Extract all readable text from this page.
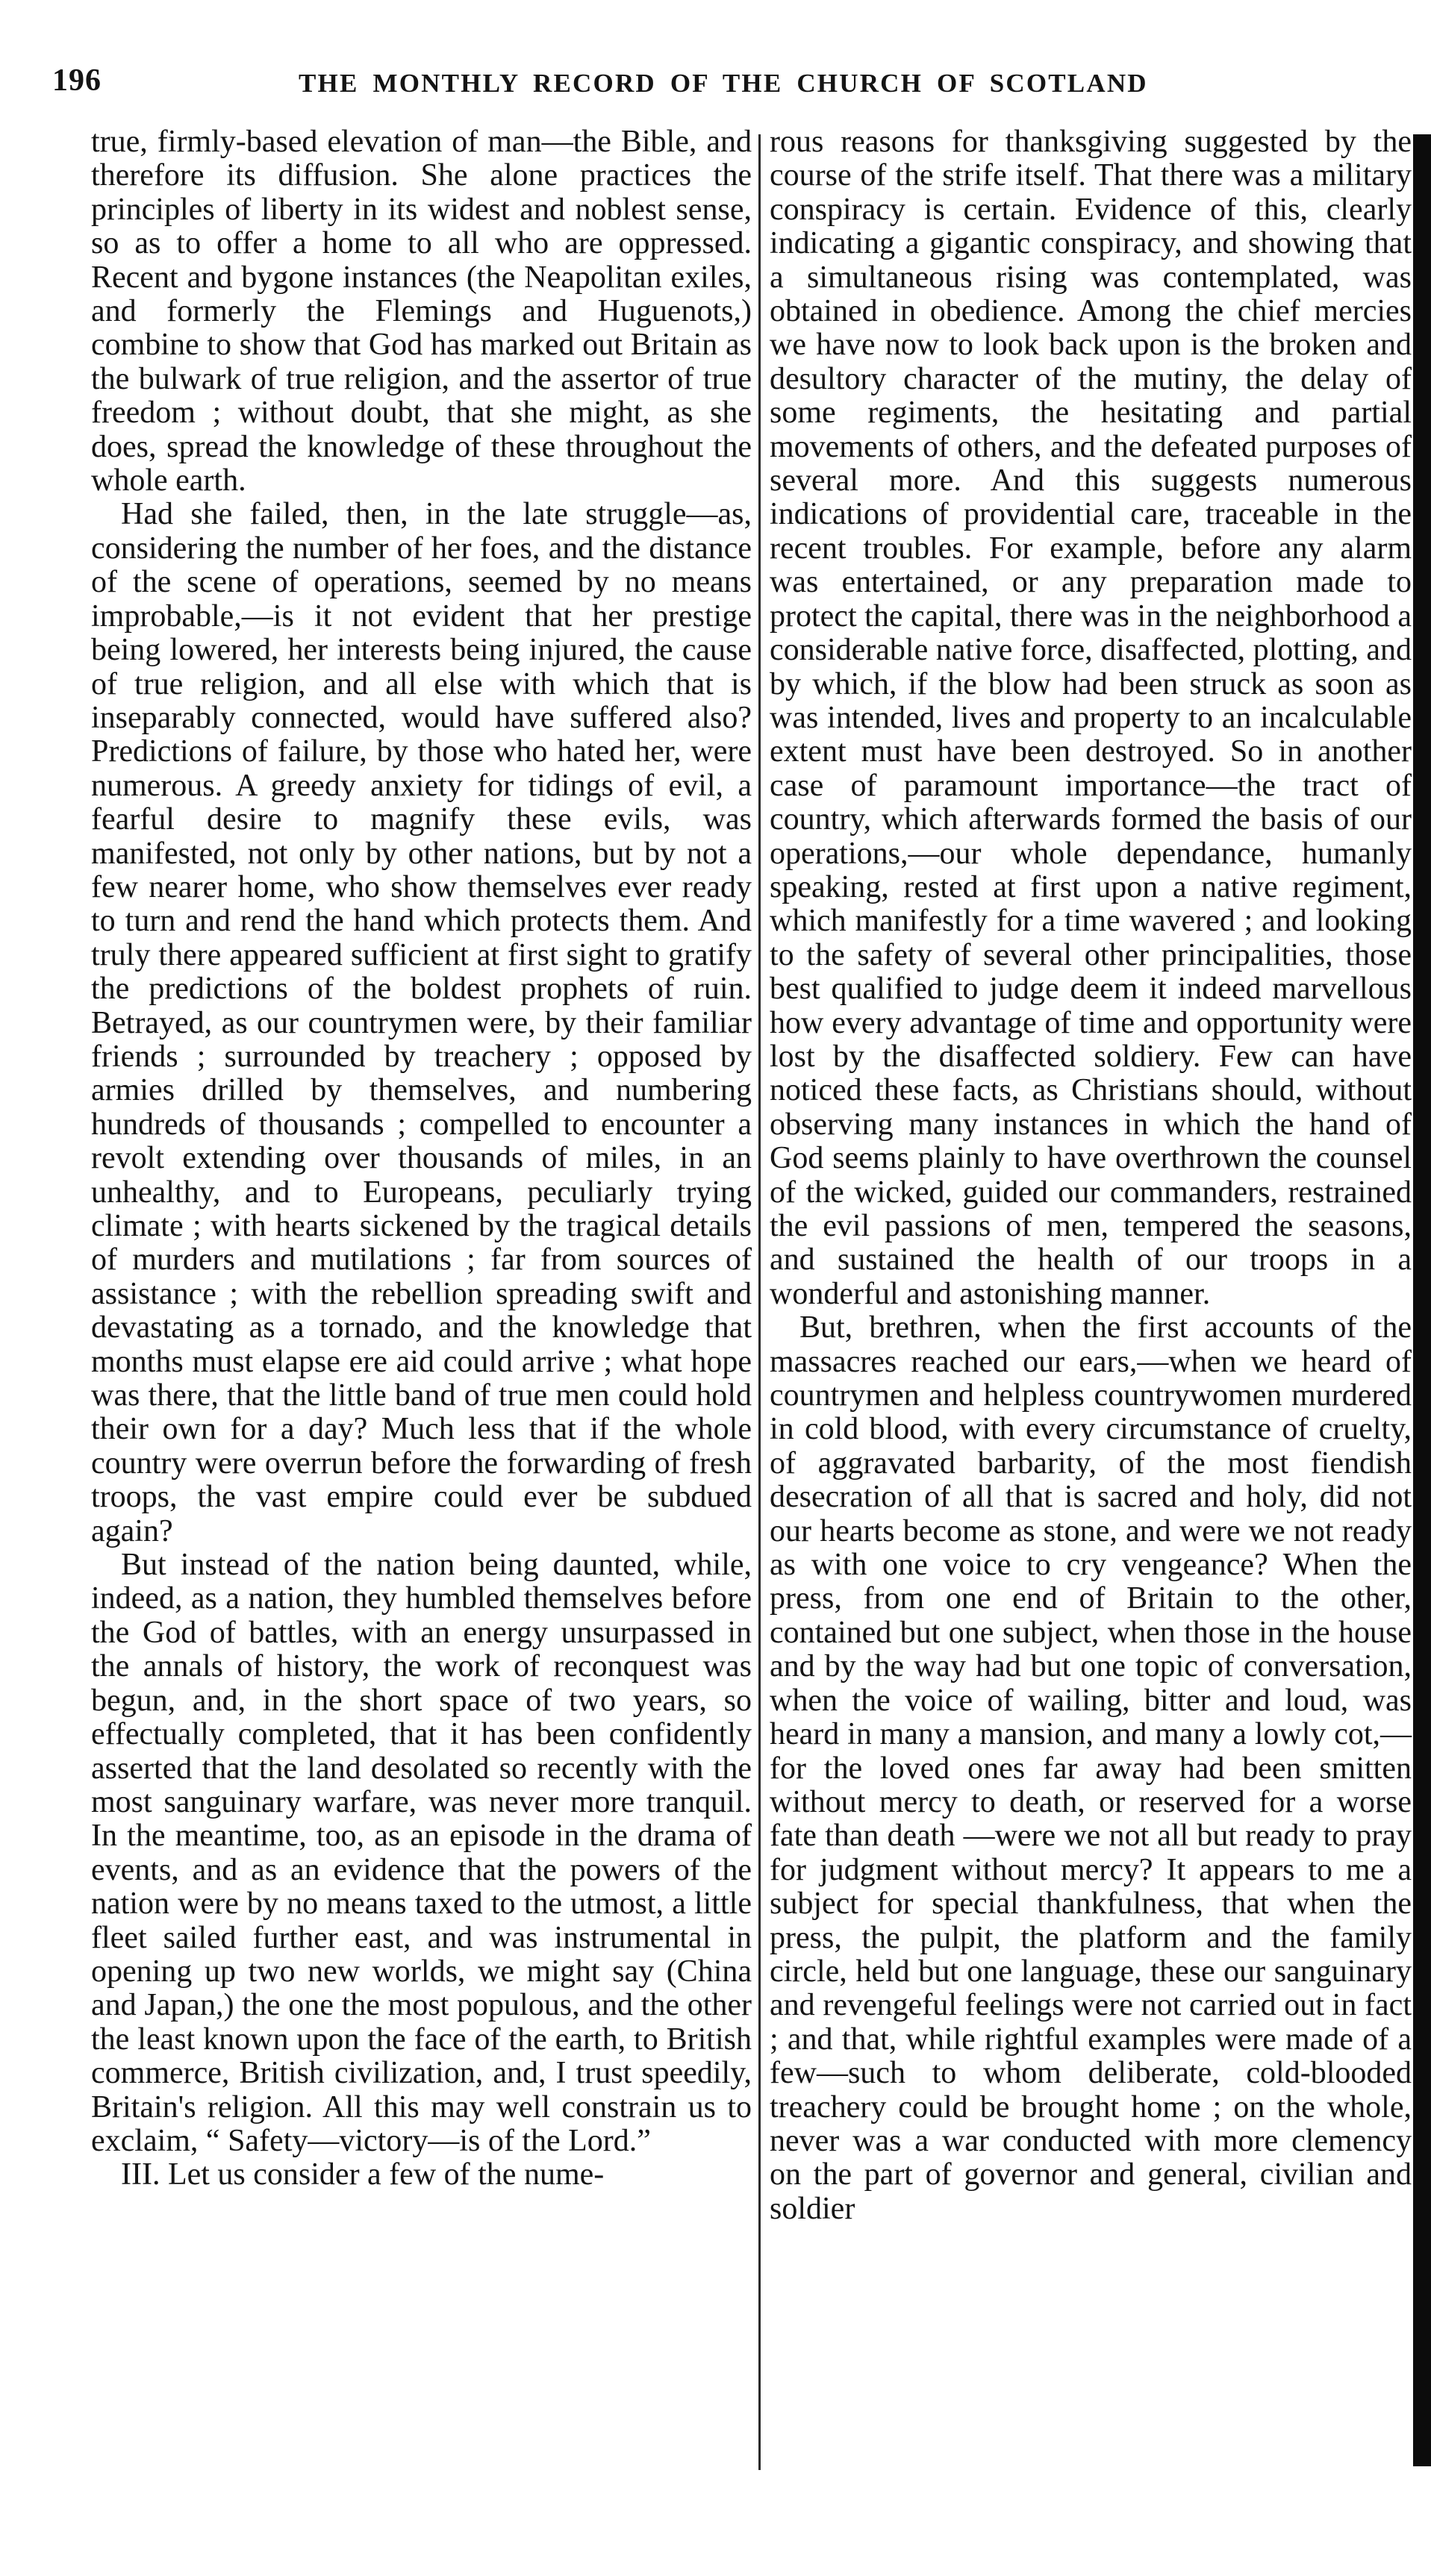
196	THE MONTHLY RECORD OF THE CHURCH OF SCOTLAND

true, firmly-based elevation of man—the Bible, and therefore its diffusion. She alone practices the principles of liberty in its widest and noblest sense, so as to offer a home to all who are oppressed. Recent and bygone instances (the Neapolitan exiles, and formerly the Flemings and Huguenots,) combine to show that God has marked out Britain as the bulwark of true religion, and the assertor of true freedom ; without doubt, that she might, as she does, spread the knowledge of these throughout the whole earth.

Had she failed, then, in the late struggle—as, considering the number of her foes, and the distance of the scene of operations, seemed by no means improbable,—is it not evident that her prestige being lowered, her interests being injured, the cause of true religion, and all else with which that is inseparably connected, would have suffered also? Predictions of failure, by those who hated her, were numerous. A greedy anxiety for tidings of evil, a fearful desire to magnify these evils, was manifested, not only by other nations, but by not a few nearer home, who show themselves ever ready to turn and rend the hand which protects them. And truly there appeared sufficient at first sight to gratify the predictions of the boldest prophets of ruin. Betrayed, as our countrymen were, by their familiar friends ; surrounded by treachery ; opposed by armies drilled by themselves, and numbering hundreds of thousands ; compelled to encounter a revolt extending over thousands of miles, in an unhealthy, and to Europeans, peculiarly trying climate ; with hearts sickened by the tragical details of murders and mutilations ; far from sources of assistance ; with the rebellion spreading swift and devastating as a tornado, and the knowledge that months must elapse ere aid could arrive ; what hope was there, that the little band of true men could hold their own for a day? Much less that if the whole country were overrun before the forwarding of fresh troops, the vast empire could ever be subdued again?

But instead of the nation being daunted, while, indeed, as a nation, they humbled themselves before the God of battles, with an energy unsurpassed in the annals of history, the work of reconquest was begun, and, in the short space of two years, so effectually completed, that it has been confidently asserted that the land desolated so recently with the most sanguinary warfare, was never more tranquil. In the meantime, too, as an episode in the drama of events, and as an evidence that the powers of the nation were by no means taxed to the utmost, a little fleet sailed further east, and was instrumental in opening up two new worlds, we might say (China and Japan,) the one the most populous, and the other the least known upon the face of the earth, to British commerce, British civilization, and, I trust speedily, Britain's religion. All this may well constrain us to exclaim, “ Safety—victory—is of the Lord.”

III. Let us consider a few of the nume-

rous reasons for thanksgiving suggested by the course of the strife itself. That there was a military conspiracy is certain. Evidence of this, clearly indicating a gigantic conspiracy, and showing that a simultaneous rising was contemplated, was obtained in obedience. Among the chief mercies we have now to look back upon is the broken and desultory character of the mutiny, the delay of some regiments, the hesitating and partial movements of others, and the defeated purposes of several more. And this suggests numerous indications of providential care, traceable in the recent troubles. For example, before any alarm was entertained, or any preparation made to protect the capital, there was in the neighborhood a considerable native force, disaffected, plotting, and by which, if the blow had been struck as soon as was intended, lives and property to an incalculable extent must have been destroyed. So in another case of paramount importance—the tract of country, which afterwards formed the basis of our operations,—our whole dependance, humanly speaking, rested at first upon a native regiment, which manifestly for a time wavered ; and looking to the safety of several other principalities, those best qualified to judge deem it indeed marvellous how every advantage of time and opportunity were lost by the disaffected soldiery. Few can have noticed these facts, as Christians should, without observing many instances in which the hand of God seems plainly to have overthrown the counsel of the wicked, guided our commanders, restrained the evil passions of men, tempered the seasons, and sustained the health of our troops in a wonderful and astonishing manner.

But, brethren, when the first accounts of the massacres reached our ears,—when we heard of countrymen and helpless countrywomen murdered in cold blood, with every circumstance of cruelty, of aggravated barbarity, of the most fiendish desecration of all that is sacred and holy, did not our hearts become as stone, and were we not ready as with one voice to cry vengeance? When the press, from one end of Britain to the other, contained but one subject, when those in the house and by the way had but one topic of conversation, when the voice of wailing, bitter and loud, was heard in many a mansion, and many a lowly cot,—for the loved ones far away had been smitten without mercy to death, or reserved for a worse fate than death —were we not all but ready to pray for judgment without mercy? It appears to me a subject for special thankfulness, that when the press, the pulpit, the platform and the family circle, held but one language, these our sanguinary and revengeful feelings were not carried out in fact ; and that, while rightful examples were made of a few—such to whom deliberate, cold-blooded treachery could be brought home ; on the whole, never was a war conducted with more clemency on the part of governor and general, civilian and soldier
